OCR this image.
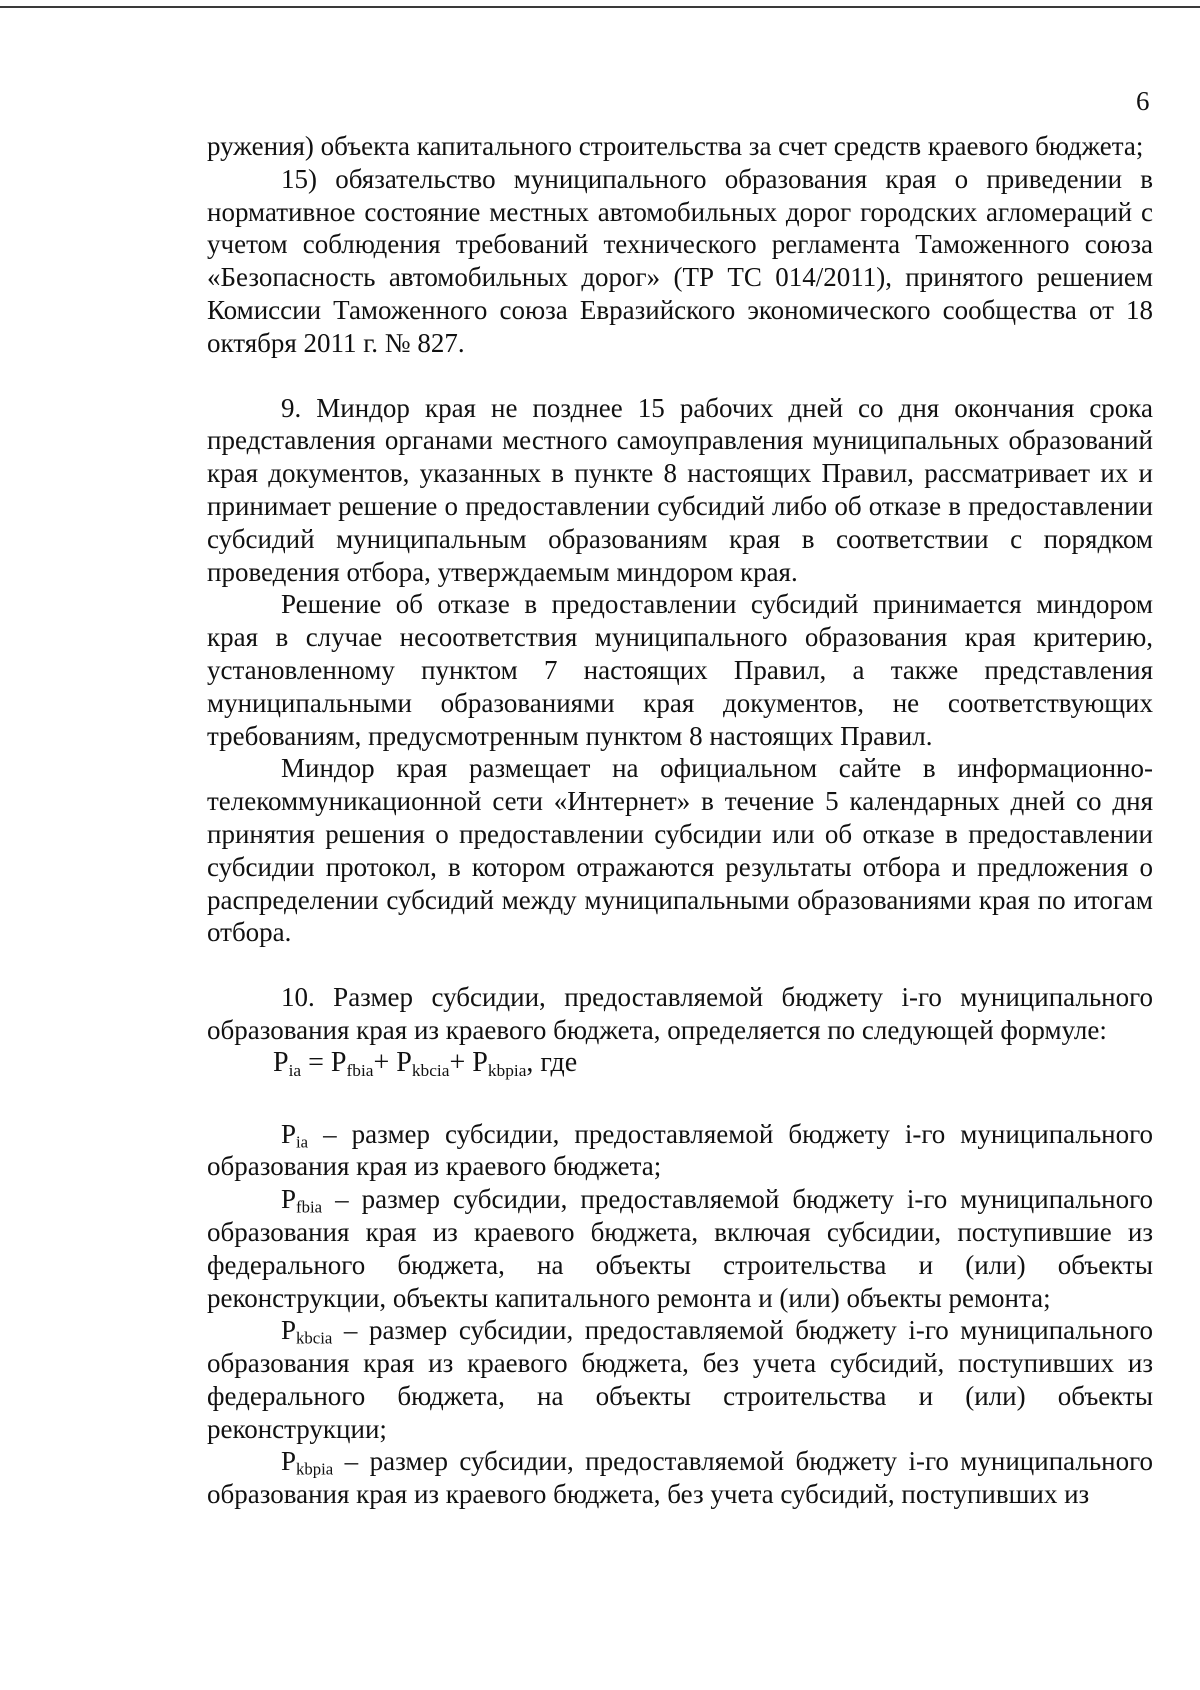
6

ружения) объекта капитального строительства за счет средств краевого бюджета;

15) обязательство муниципального образования края о приведении в нормативное состояние местных автомобильных дорог городских агломераций с учетом соблюдения требований технического регламента Таможенного союза «Безопасность автомобильных дорог» (ТР ТС 014/2011), принятого решением Комиссии Таможенного союза Евразийского экономического сообщества от 18 октября 2011 г. № 827.

9. Миндор края не позднее 15 рабочих дней со дня окончания срока представления органами местного самоуправления муниципальных образований края документов, указанных в пункте 8 настоящих Правил, рассматривает их и принимает решение о предоставлении субсидий либо об отказе в предоставлении субсидий муниципальным образованиям края в соответствии с порядком проведения отбора, утверждаемым миндором края.

Решение об отказе в предоставлении субсидий принимается миндором края в случае несоответствия муниципального образования края критерию, установленному пунктом 7 настоящих Правил, а также представления муниципальными образованиями края документов, не соответствующих требованиям, предусмотренным пунктом 8 настоящих Правил.

Миндор края размещает на официальном сайте в информационно-телекоммуникационной сети «Интернет» в течение 5 календарных дней со дня принятия решения о предоставлении субсидии или об отказе в предоставлении субсидии протокол, в котором отражаются результаты отбора и предложения о распределении субсидий между муниципальными образованиями края по итогам отбора.

10. Размер субсидии, предоставляемой бюджету i-го муниципального образования края из краевого бюджета, определяется по следующей формуле:

$P_{ia} = P_{fbia}+ P_{kbcia}+ P_{kbpia}$, где

$P_{ia}$ – размер субсидии, предоставляемой бюджету i-го муниципального образования края из краевого бюджета;

$P_{fbia}$ – размер субсидии, предоставляемой бюджету i-го муниципального образования края из краевого бюджета, включая субсидии, поступившие из федерального бюджета, на объекты строительства и (или) объекты реконструкции, объекты капитального ремонта и (или) объекты ремонта;

$P_{kbcia}$ – размер субсидии, предоставляемой бюджету i-го муниципального образования края из краевого бюджета, без учета субсидий, поступивших из федерального бюджета, на объекты строительства и (или) объекты реконструкции;

$P_{kbpia}$ – размер субсидии, предоставляемой бюджету i-го муниципального образования края из краевого бюджета, без учета субсидий, поступивших из
